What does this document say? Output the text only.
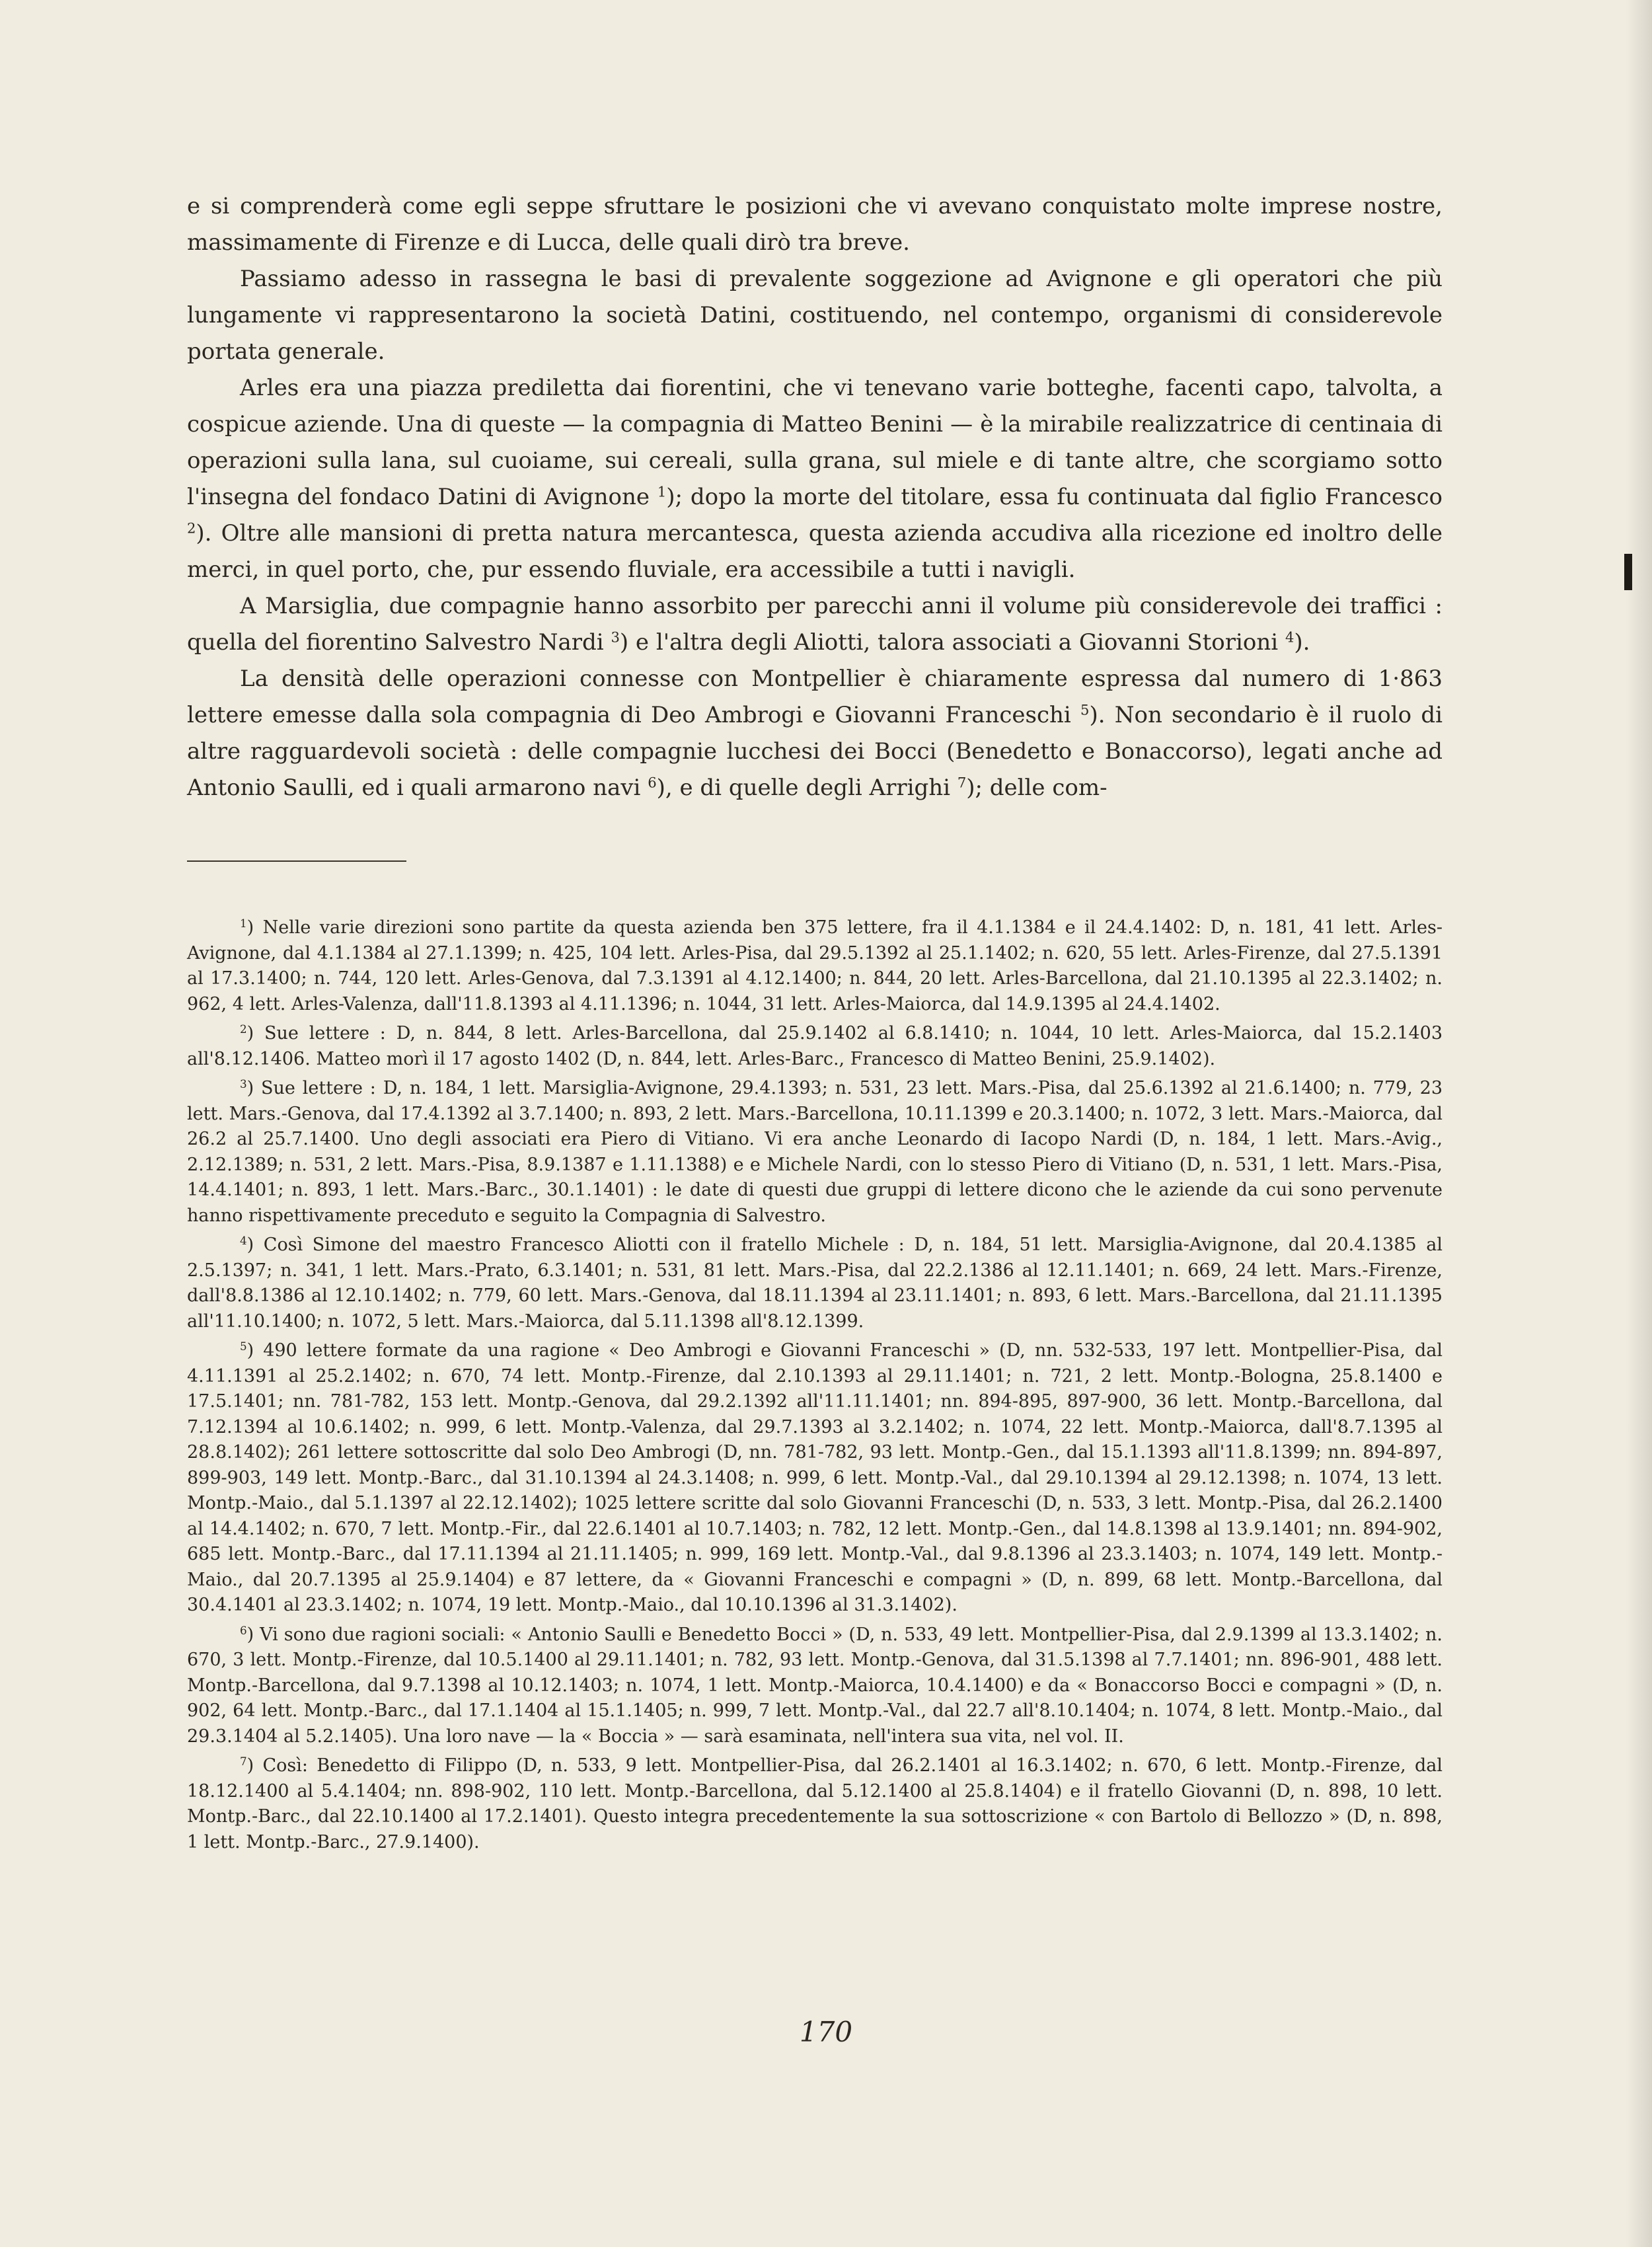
e si comprenderà come egli seppe sfruttare le posizioni che vi avevano conquistato molte imprese nostre, massimamente di Firenze e di Lucca, delle quali dirò tra breve.

Passiamo adesso in rassegna le basi di prevalente soggezione ad Avignone e gli operatori che più lungamente vi rappresentarono la società Datini, costituendo, nel contempo, organismi di considerevole portata generale.

Arles era una piazza prediletta dai fiorentini, che vi tenevano varie botteghe, facenti capo, talvolta, a cospicue aziende. Una di queste — la compagnia di Matteo Benini — è la mirabile realizzatrice di centinaia di operazioni sulla lana, sul cuoiame, sui cereali, sulla grana, sul miele e di tante altre, che scorgiamo sotto l'insegna del fondaco Datini di Avignone $^1$); dopo la morte del titolare, essa fu continuata dal figlio Francesco $^2$). Oltre alle mansioni di pretta natura mercantesca, questa azienda accudiva alla ricezione ed inoltro delle merci, in quel porto, che, pur essendo fluviale, era accessibile a tutti i navigli.

A Marsiglia, due compagnie hanno assorbito per parecchi anni il volume più considerevole dei traffici : quella del fiorentino Salvestro Nardi $^3$) e l'altra degli Aliotti, talora associati a Giovanni Storioni $^4$).

La densità delle operazioni connesse con Montpellier è chiaramente espressa dal numero di 1·863 lettere emesse dalla sola compagnia di Deo Ambrogi e Giovanni Franceschi $^5$). Non secondario è il ruolo di altre ragguardevoli società : delle compagnie lucchesi dei Bocci (Benedetto e Bonaccorso), legati anche ad Antonio Saulli, ed i quali armarono navi $^6$), e di quelle degli Arrighi $^7$); delle com-

$^1$) Nelle varie direzioni sono partite da questa azienda ben 375 lettere, fra il 4.1.1384 e il 24.4.1402: D, n. 181, 41 lett. Arles-Avignone, dal 4.1.1384 al 27.1.1399; n. 425, 104 lett. Arles-Pisa, dal 29.5.1392 al 25.1.1402; n. 620, 55 lett. Arles-Firenze, dal 27.5.1391 al 17.3.1400; n. 744, 120 lett. Arles-Genova, dal 7.3.1391 al 4.12.1400; n. 844, 20 lett. Arles-Barcellona, dal 21.10.1395 al 22.3.1402; n. 962, 4 lett. Arles-Valenza, dall'11.8.1393 al 4.11.1396; n. 1044, 31 lett. Arles-Maiorca, dal 14.9.1395 al 24.4.1402.

$^2$) Sue lettere : D, n. 844, 8 lett. Arles-Barcellona, dal 25.9.1402 al 6.8.1410; n. 1044, 10 lett. Arles-Maiorca, dal 15.2.1403 all'8.12.1406. Matteo morì il 17 agosto 1402 (D, n. 844, lett. Arles-Barc., Francesco di Matteo Benini, 25.9.1402).

$^3$) Sue lettere : D, n. 184, 1 lett. Marsiglia-Avignone, 29.4.1393; n. 531, 23 lett. Mars.-Pisa, dal 25.6.1392 al 21.6.1400; n. 779, 23 lett. Mars.-Genova, dal 17.4.1392 al 3.7.1400; n. 893, 2 lett. Mars.-Barcellona, 10.11.1399 e 20.3.1400; n. 1072, 3 lett. Mars.-Maiorca, dal 26.2 al 25.7.1400. Uno degli associati era Piero di Vitiano. Vi era anche Leonardo di Iacopo Nardi (D, n. 184, 1 lett. Mars.-Avig., 2.12.1389; n. 531, 2 lett. Mars.-Pisa, 8.9.1387 e 1.11.1388) e e Michele Nardi, con lo stesso Piero di Vitiano (D, n. 531, 1 lett. Mars.-Pisa, 14.4.1401; n. 893, 1 lett. Mars.-Barc., 30.1.1401) : le date di questi due gruppi di lettere dicono che le aziende da cui sono pervenute hanno rispettivamente preceduto e seguito la Compagnia di Salvestro.

$^4$) Così Simone del maestro Francesco Aliotti con il fratello Michele : D, n. 184, 51 lett. Marsiglia-Avignone, dal 20.4.1385 al 2.5.1397; n. 341, 1 lett. Mars.-Prato, 6.3.1401; n. 531, 81 lett. Mars.-Pisa, dal 22.2.1386 al 12.11.1401; n. 669, 24 lett. Mars.-Firenze, dall'8.8.1386 al 12.10.1402; n. 779, 60 lett. Mars.-Genova, dal 18.11.1394 al 23.11.1401; n. 893, 6 lett. Mars.-Barcellona, dal 21.11.1395 all'11.10.1400; n. 1072, 5 lett. Mars.-Maiorca, dal 5.11.1398 all'8.12.1399.

$^5$) 490 lettere formate da una ragione « Deo Ambrogi e Giovanni Franceschi » (D, nn. 532-533, 197 lett. Montpellier-Pisa, dal 4.11.1391 al 25.2.1402; n. 670, 74 lett. Montp.-Firenze, dal 2.10.1393 al 29.11.1401; n. 721, 2 lett. Montp.-Bologna, 25.8.1400 e 17.5.1401; nn. 781-782, 153 lett. Montp.-Genova, dal 29.2.1392 all'11.11.1401; nn. 894-895, 897-900, 36 lett. Montp.-Barcellona, dal 7.12.1394 al 10.6.1402; n. 999, 6 lett. Montp.-Valenza, dal 29.7.1393 al 3.2.1402; n. 1074, 22 lett. Montp.-Maiorca, dall'8.7.1395 al 28.8.1402); 261 lettere sottoscritte dal solo Deo Ambrogi (D, nn. 781-782, 93 lett. Montp.-Gen., dal 15.1.1393 all'11.8.1399; nn. 894-897, 899-903, 149 lett. Montp.-Barc., dal 31.10.1394 al 24.3.1408; n. 999, 6 lett. Montp.-Val., dal 29.10.1394 al 29.12.1398; n. 1074, 13 lett. Montp.-Maio., dal 5.1.1397 al 22.12.1402); 1025 lettere scritte dal solo Giovanni Franceschi (D, n. 533, 3 lett. Montp.-Pisa, dal 26.2.1400 al 14.4.1402; n. 670, 7 lett. Montp.-Fir., dal 22.6.1401 al 10.7.1403; n. 782, 12 lett. Montp.-Gen., dal 14.8.1398 al 13.9.1401; nn. 894-902, 685 lett. Montp.-Barc., dal 17.11.1394 al 21.11.1405; n. 999, 169 lett. Montp.-Val., dal 9.8.1396 al 23.3.1403; n. 1074, 149 lett. Montp.-Maio., dal 20.7.1395 al 25.9.1404) e 87 lettere, da « Giovanni Franceschi e compagni » (D, n. 899, 68 lett. Montp.-Barcellona, dal 30.4.1401 al 23.3.1402; n. 1074, 19 lett. Montp.-Maio., dal 10.10.1396 al 31.3.1402).

$^6$) Vi sono due ragioni sociali: « Antonio Saulli e Benedetto Bocci » (D, n. 533, 49 lett. Montpellier-Pisa, dal 2.9.1399 al 13.3.1402; n. 670, 3 lett. Montp.-Firenze, dal 10.5.1400 al 29.11.1401; n. 782, 93 lett. Montp.-Genova, dal 31.5.1398 al 7.7.1401; nn. 896-901, 488 lett. Montp.-Barcellona, dal 9.7.1398 al 10.12.1403; n. 1074, 1 lett. Montp.-Maiorca, 10.4.1400) e da « Bonaccorso Bocci e compagni » (D, n. 902, 64 lett. Montp.-Barc., dal 17.1.1404 al 15.1.1405; n. 999, 7 lett. Montp.-Val., dal 22.7 all'8.10.1404; n. 1074, 8 lett. Montp.-Maio., dal 29.3.1404 al 5.2.1405). Una loro nave — la « Boccia » — sarà esaminata, nell'intera sua vita, nel vol. II.

$^7$) Così: Benedetto di Filippo (D, n. 533, 9 lett. Montpellier-Pisa, dal 26.2.1401 al 16.3.1402; n. 670, 6 lett. Montp.-Firenze, dal 18.12.1400 al 5.4.1404; nn. 898-902, 110 lett. Montp.-Barcellona, dal 5.12.1400 al 25.8.1404) e il fratello Giovanni (D, n. 898, 10 lett. Montp.-Barc., dal 22.10.1400 al 17.2.1401). Questo integra precedentemente la sua sottoscrizione « con Bartolo di Bellozzo » (D, n. 898, 1 lett. Montp.-Barc., 27.9.1400).

170
